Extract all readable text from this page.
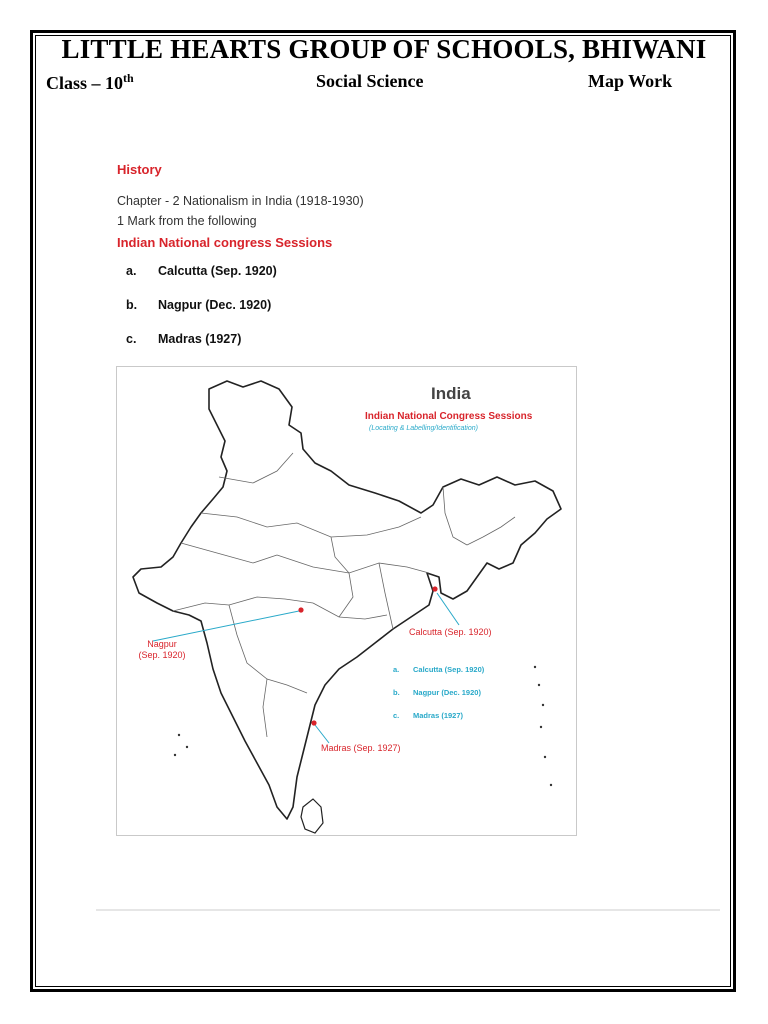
LITTLE HEARTS GROUP OF SCHOOLS, BHIWANI
Class – 10th	Social Science	Map Work
History
Chapter - 2 Nationalism in India (1918-1930)
1 Mark from the following
Indian National congress Sessions
a. Calcutta (Sep. 1920)
b. Nagpur (Dec. 1920)
c. Madras (1927)
India
Indian National Congress Sessions
(Locating & Labelling/Identification)
Nagpur
(Sep. 1920)
Calcutta (Sep. 1920)
Madras (Sep. 1927)
a. Calcutta (Sep. 1920)
b. Nagpur (Dec. 1920)
c. Madras (1927)
